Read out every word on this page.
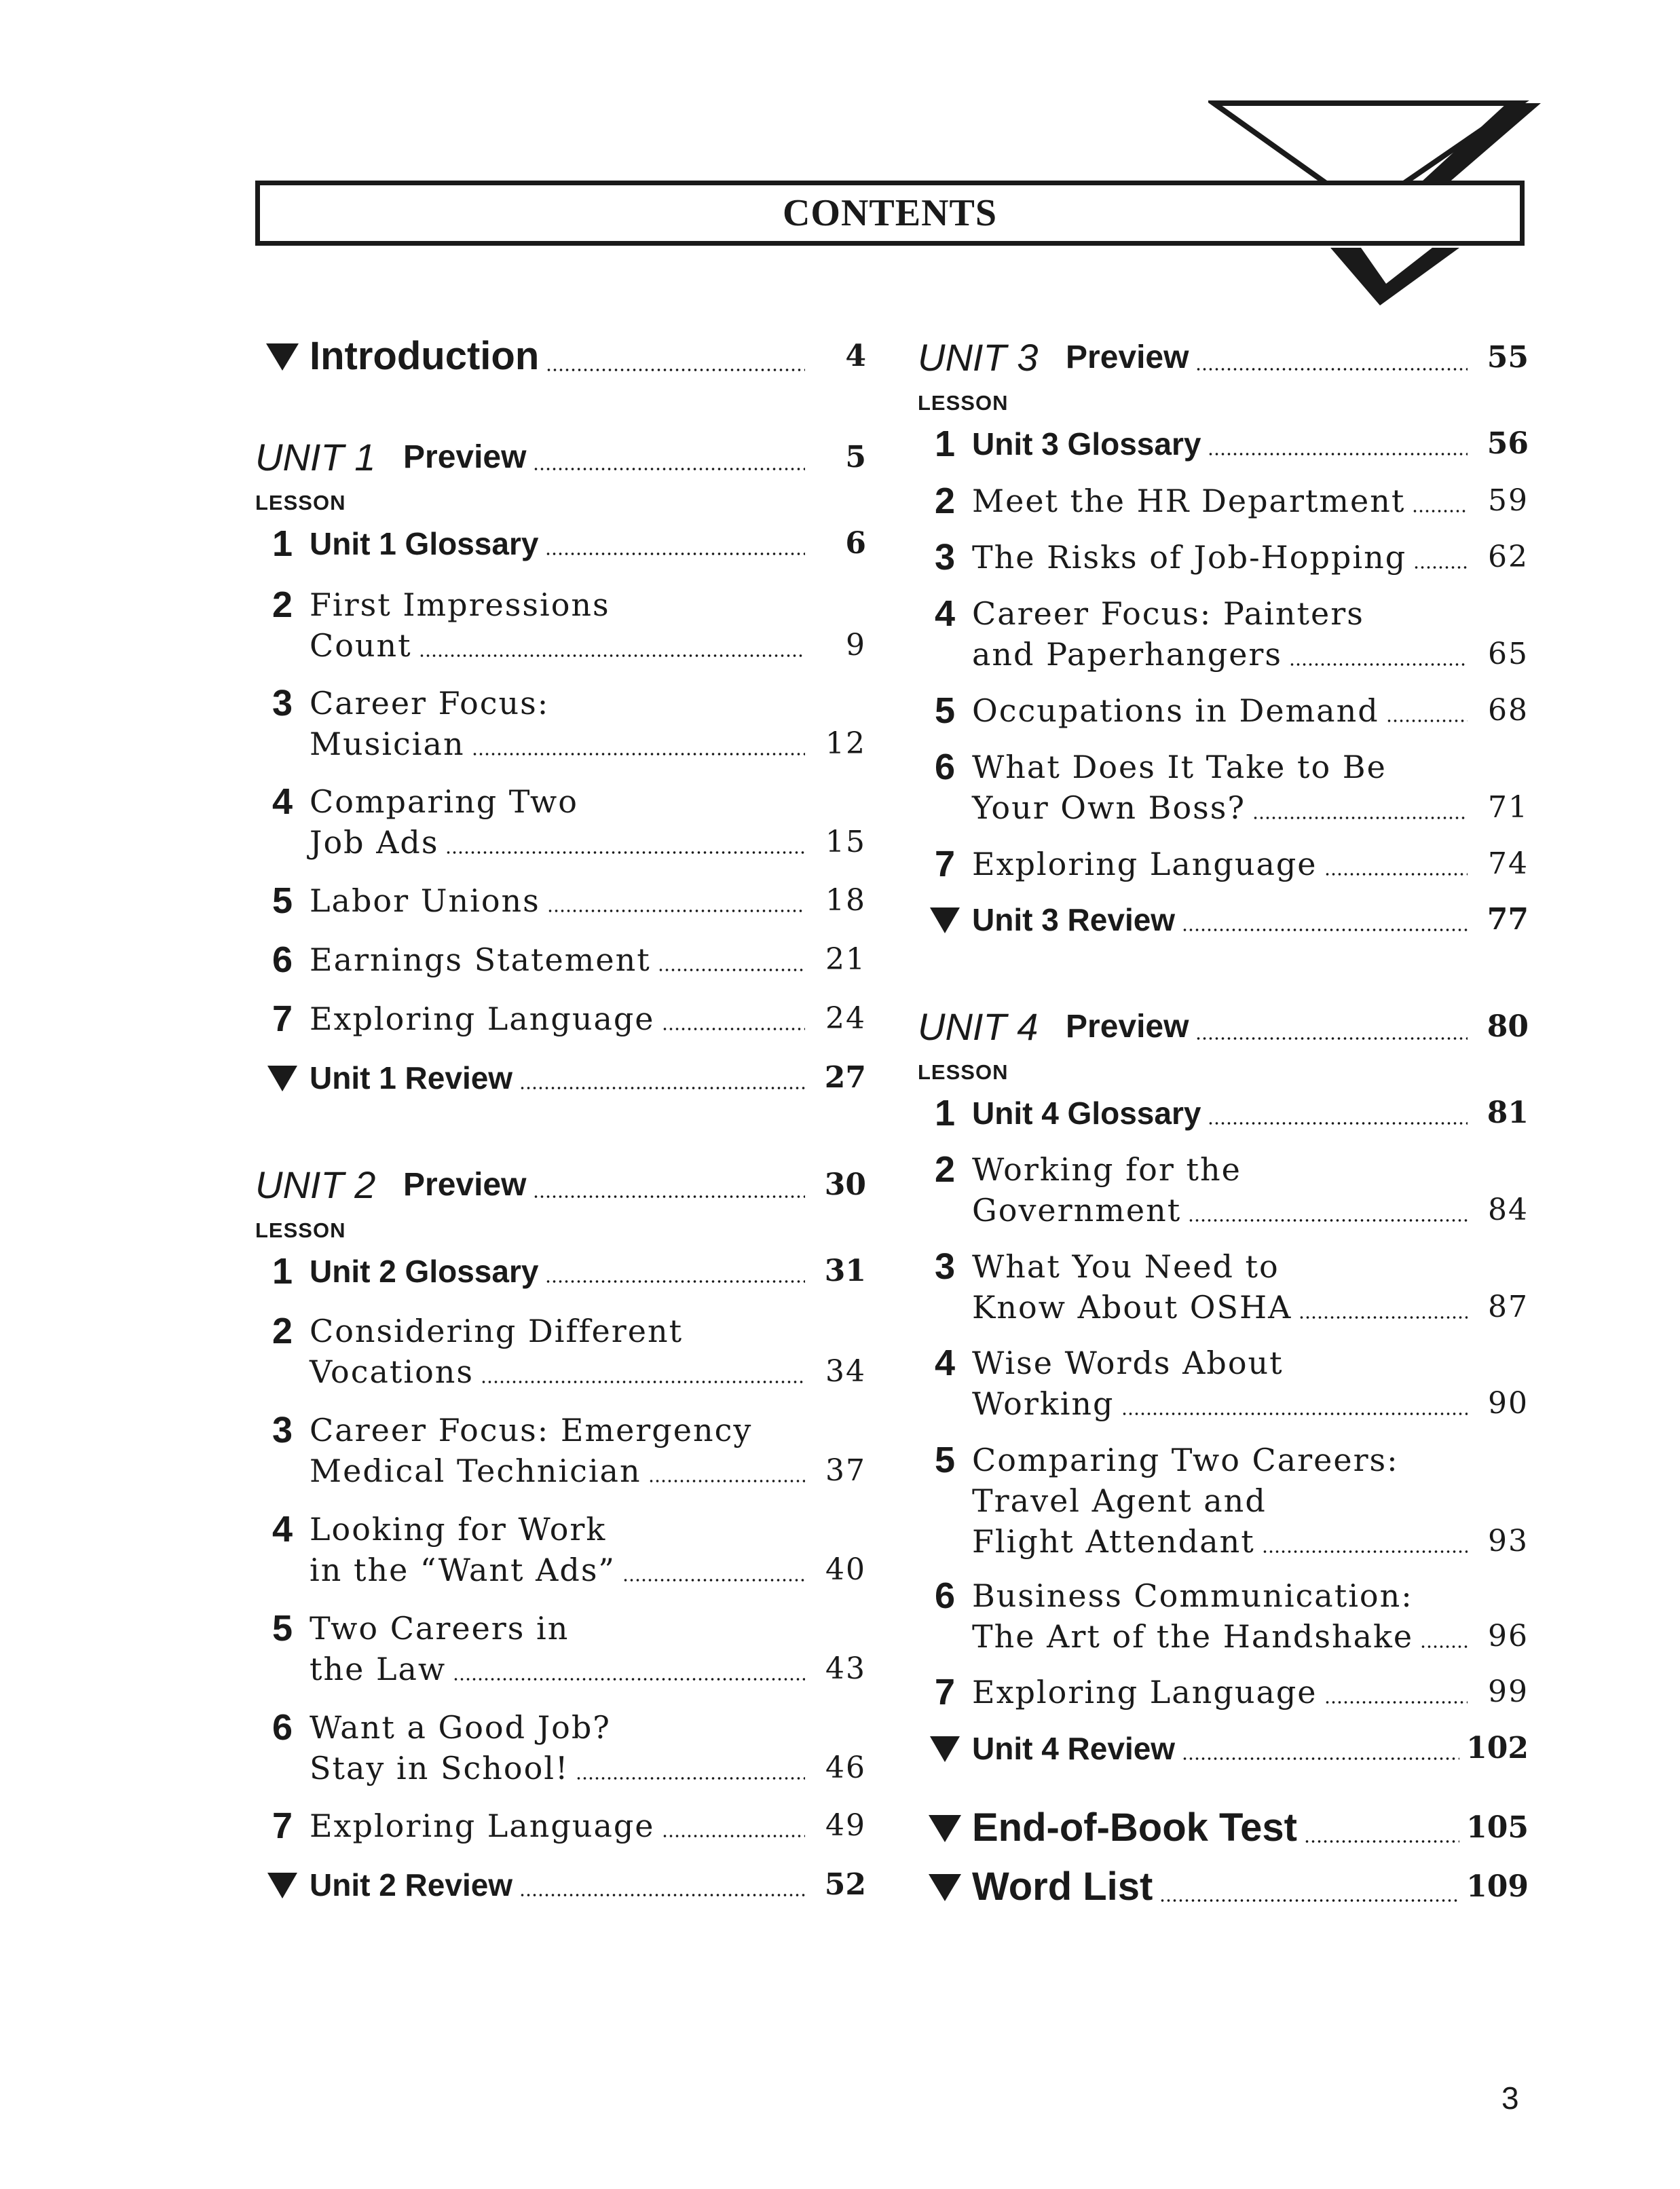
CONTENTS
Introduction	4
UNIT 1 Preview	5
LESSON
1 Unit 1 Glossary	6
2 First Impressions
Count	9
3 Career Focus:
Musician	12
4 Comparing Two
Job Ads	15
5 Labor Unions	18
6 Earnings Statement	21
7 Exploring Language	24
Unit 1 Review	27
UNIT 2 Preview	30
LESSON
1 Unit 2 Glossary	31
2 Considering Different
Vocations	34
3 Career Focus: Emergency
Medical Technician	37
4 Looking for Work
in the “Want Ads”	40
5 Two Careers in
the Law	43
6 Want a Good Job?
Stay in School!	46
7 Exploring Language	49
Unit 2 Review	52
UNIT 3 Preview	55
LESSON
1 Unit 3 Glossary	56
2 Meet the HR Department	59
3 The Risks of Job-Hopping	62
4 Career Focus: Painters
and Paperhangers	65
5 Occupations in Demand	68
6 What Does It Take to Be
Your Own Boss?	71
7 Exploring Language	74
Unit 3 Review	77
UNIT 4 Preview	80
LESSON
1 Unit 4 Glossary	81
2 Working for the
Government	84
3 What You Need to
Know About OSHA	87
4 Wise Words About
Working	90
5 Comparing Two Careers:
Travel Agent and
Flight Attendant	93
6 Business Communication:
The Art of the Handshake	96
7 Exploring Language	99
Unit 4 Review	102
End-of-Book Test	105
Word List	109
3
